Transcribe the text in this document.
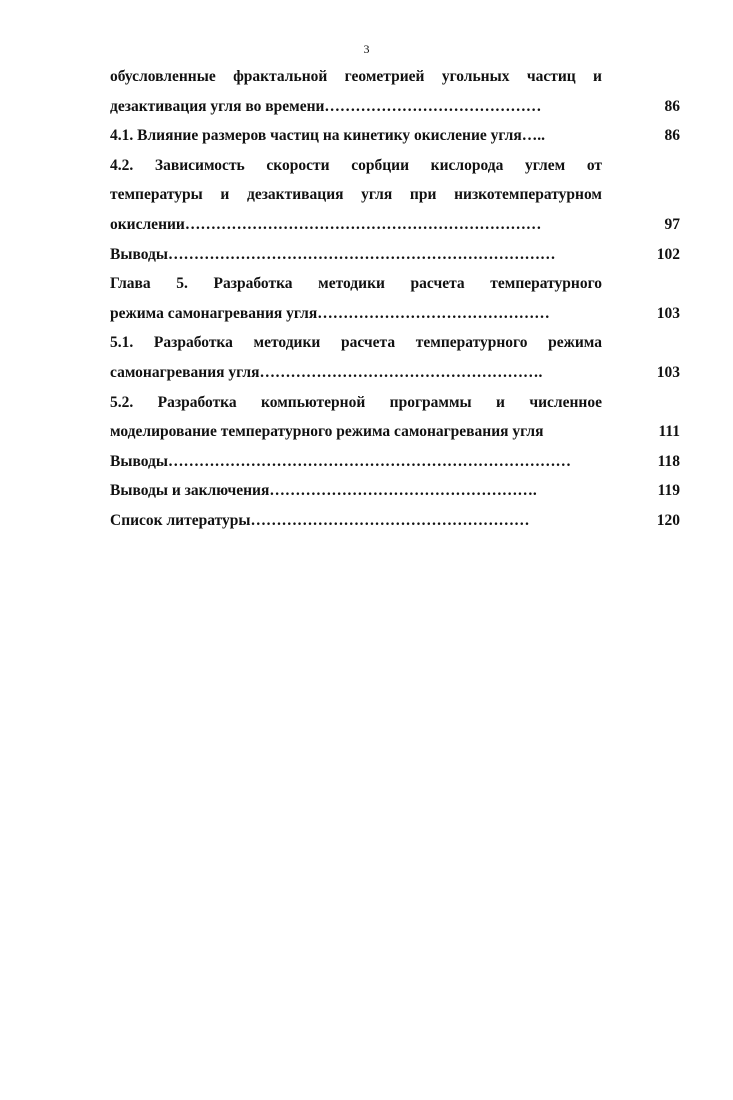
3
обусловленные фрактальной геометрией угольных частиц и
дезактивация угля во времени……………………………………	86
4.1. Влияние размеров частиц на кинетику окисление угля…..	86
4.2. Зависимость скорости сорбции кислорода углем от
температуры и дезактивация угля при низкотемпературном
окислении……………………………………………………………	97
Выводы…………………………………………………………………	102
Глава 5. Разработка методики расчета температурного
режима самонагревания угля………………………………………	103
5.1. Разработка методики расчета температурного режима
самонагревания угля……………………………………………….	103
5.2. Разработка компьютерной программы и численное
моделирование температурного режима самонагревания угля	111
Выводы……………………………………………………………………	118
Выводы и заключения…………………………………………….	119
Список литературы………………………………………………	120
